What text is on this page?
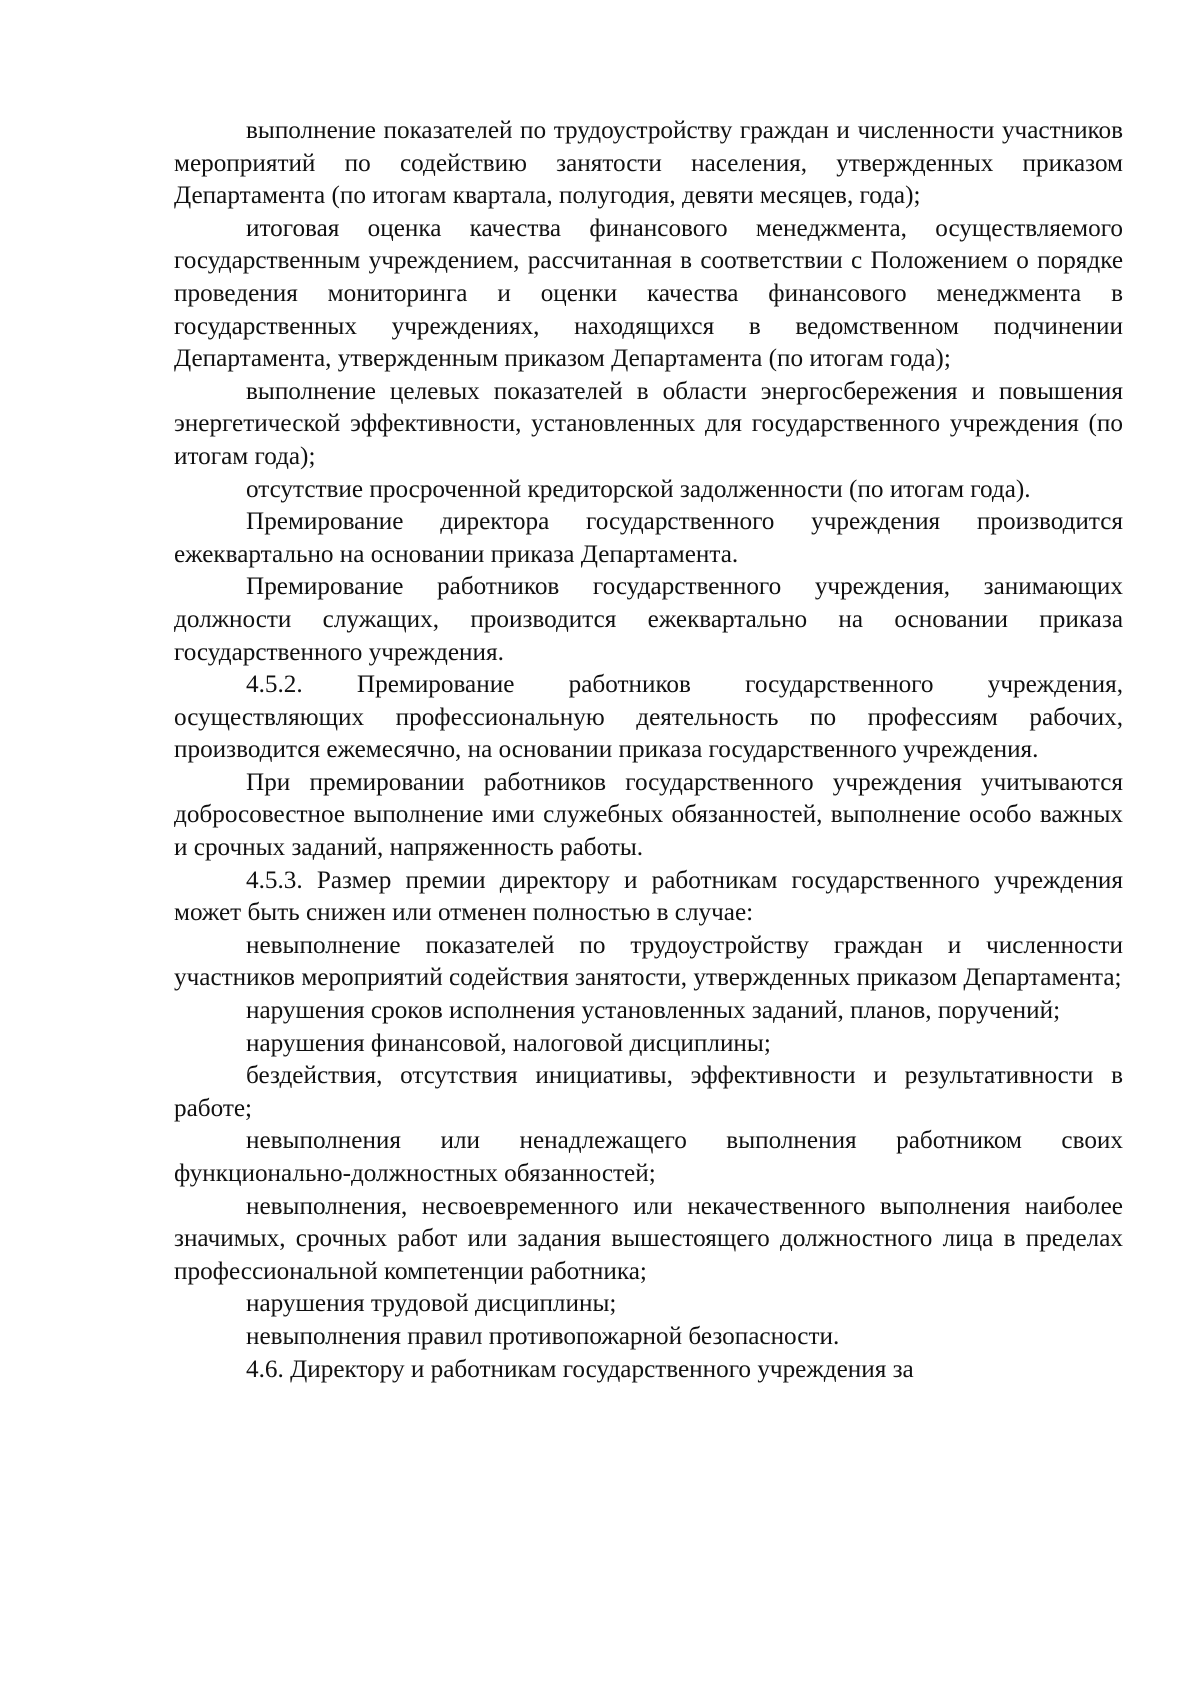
выполнение показателей по трудоустройству граждан и численности участников мероприятий по содействию занятости населения, утвержденных приказом Департамента (по итогам квартала, полугодия, девяти месяцев, года);

итоговая оценка качества финансового менеджмента, осуществляемого государственным учреждением, рассчитанная в соответствии с Положением о порядке проведения мониторинга и оценки качества финансового менеджмента в государственных учреждениях, находящихся в ведомственном подчинении Департамента, утвержденным приказом Департамента (по итогам года);

выполнение целевых показателей в области энергосбережения и повышения энергетической эффективности, установленных для государственного учреждения (по итогам года);

отсутствие просроченной кредиторской задолженности (по итогам года).

Премирование директора государственного учреждения производится ежеквартально на основании приказа Департамента.

Премирование работников государственного учреждения, занимающих должности служащих, производится ежеквартально на основании приказа государственного учреждения.

4.5.2. Премирование работников государственного учреждения, осуществляющих профессиональную деятельность по профессиям рабочих, производится ежемесячно, на основании приказа государственного учреждения.

При премировании работников государственного учреждения учитываются добросовестное выполнение ими служебных обязанностей, выполнение особо важных и срочных заданий, напряженность работы.

4.5.3. Размер премии директору и работникам государственного учреждения может быть снижен или отменен полностью в случае:

невыполнение показателей по трудоустройству граждан и численности участников мероприятий содействия занятости, утвержденных приказом Департамента;

нарушения сроков исполнения установленных заданий, планов, поручений;

нарушения финансовой, налоговой дисциплины;

бездействия, отсутствия инициативы, эффективности и результативности в работе;

невыполнения или ненадлежащего выполнения работником своих функционально-должностных обязанностей;

невыполнения, несвоевременного или некачественного выполнения наиболее значимых, срочных работ или задания вышестоящего должностного лица в пределах профессиональной компетенции работника;

нарушения трудовой дисциплины;

невыполнения правил противопожарной безопасности.

4.6. Директору и работникам государственного учреждения за
